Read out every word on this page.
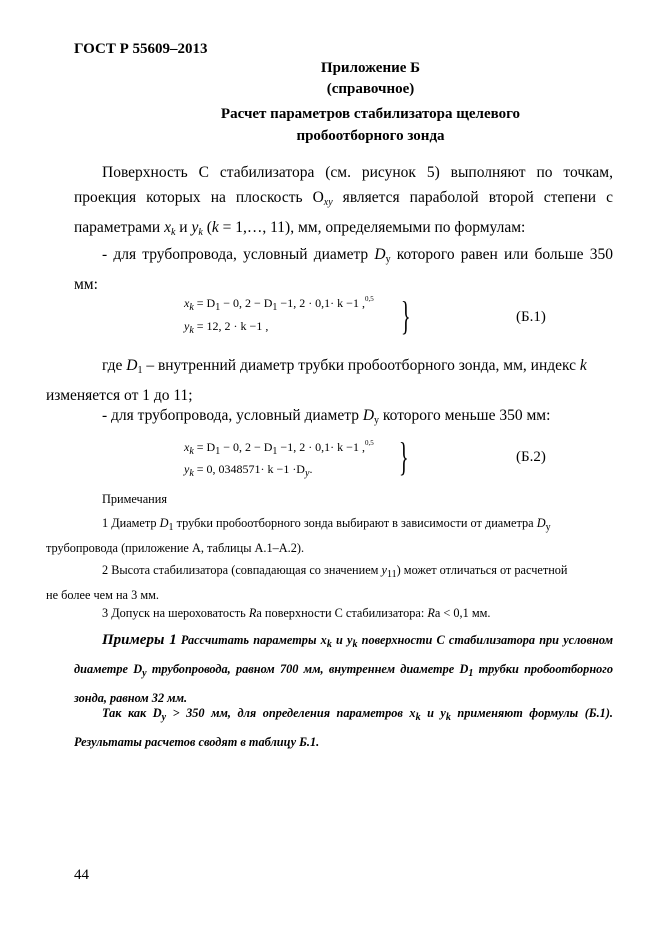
ГОСТ Р 55609–2013
Приложение Б
(справочное)
Расчет параметров стабилизатора щелевого
пробоотборного зонда
Поверхность С стабилизатора (см. рисунок 5) выполняют по точкам, проекция которых на плоскость Оxy является параболой второй степени с параметрами $x_k$ и $y_k$ (k = 1,…, 11), мм, определяемыми по формулам:
- для трубопровода, условный диаметр Dу которого равен или больше 350 мм:
$x_k = D_1 - 0$, $2 - D_1 -1$, 2 · 0,1· k −1 ,$^{0,5}$
$y_k = 12$, 2 · k −1 ,	}	(Б.1)
где D1 – внутренний диаметр трубки пробоотборного зонда, мм, индекс k
изменяется от 1 до 11;
- для трубопровода, условный диаметр Dу которого меньше 350 мм:
$x_k = D_1 - 0$, $2 - D_1 -1$, 2 · 0,1· k −1 ,$^{0,5}$
$y_k = 0$, $0348571\cdot k -1 \cdot D_y$. }	(Б.2)
Примечания
1 Диаметр $D_1$ трубки пробоотборного зонда выбирают в зависимости от диаметра $D_у$
трубопровода (приложение А, таблицы А.1–А.2).
2 Высота стабилизатора (совпадающая со значением $y_{11}$) может отличаться от расчетной
не более чем на 3 мм.
3 Допуск на шероховатость Ra поверхности С стабилизатора: Ra < 0,1 мм.
Примеры 1 Рассчитать параметры $x_k$ и $y_k$ поверхности С стабилизатора при условном диаметре $D_у$ трубопровода, равном 700 мм, внутреннем диаметре $D_1$ трубки пробоотборного зонда, равном 32 мм.
Так как $D_у > 350$ мм, для определения параметров $x_k$ и $y_k$ применяют формулы (Б.1). Результаты расчетов сводят в таблицу Б.1.
44
